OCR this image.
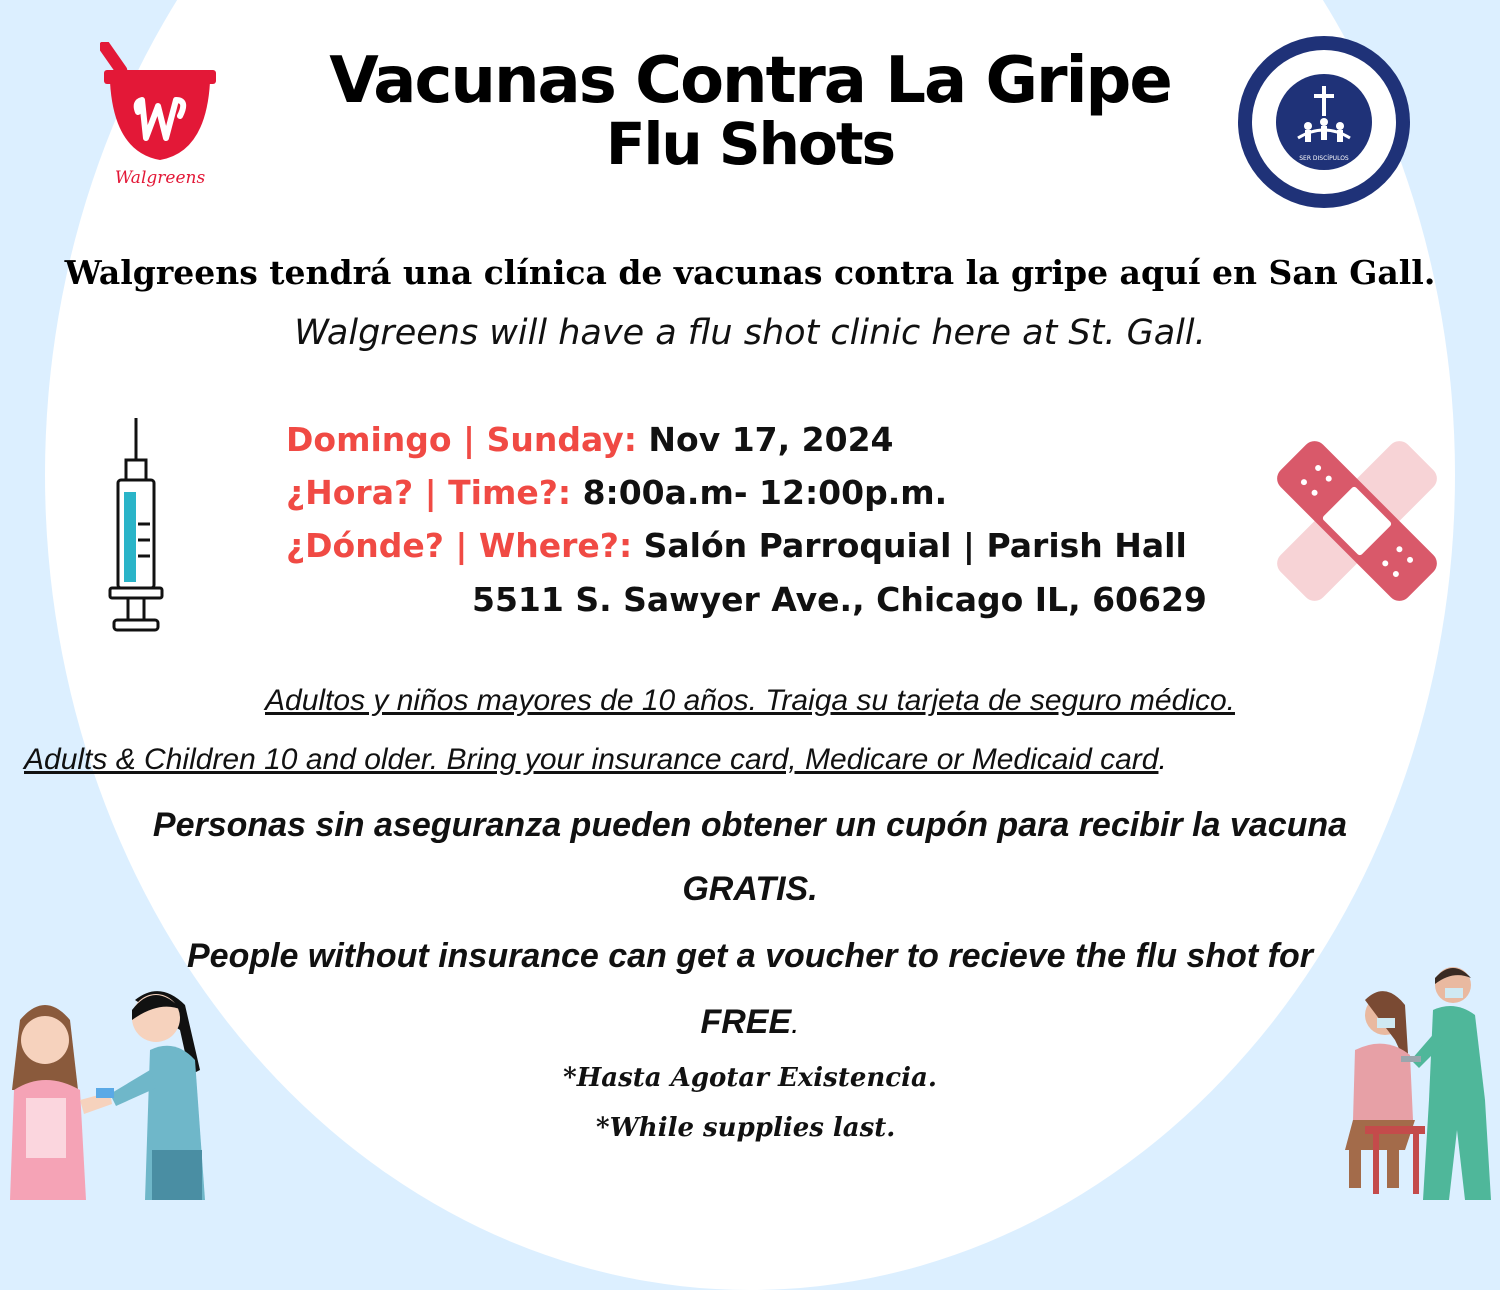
Walgreens
SER DISCÍPULOS
Vacunas Contra La Gripe
Flu Shots
Walgreens tendrá una clínica de vacunas contra la gripe aquí en San Gall.
Walgreens will have a flu shot clinic here at St. Gall.
Domingo | Sunday: Nov 17, 2024
¿Hora? | Time?: 8:00a.m- 12:00p.m.
¿Dónde? | Where?: Salón Parroquial | Parish Hall
5511 S. Sawyer Ave., Chicago IL, 60629
Adultos y niños mayores de 10 años. Traiga su tarjeta de seguro médico.
Adults & Children 10 and older. Bring your insurance card, Medicare or Medicaid card.
Personas sin aseguranza pueden obtener un cupón para recibir la vacuna
GRATIS.
People without insurance can get a voucher to recieve the flu shot for
FREE.
*Hasta Agotar Existencia.
*While supplies last.
